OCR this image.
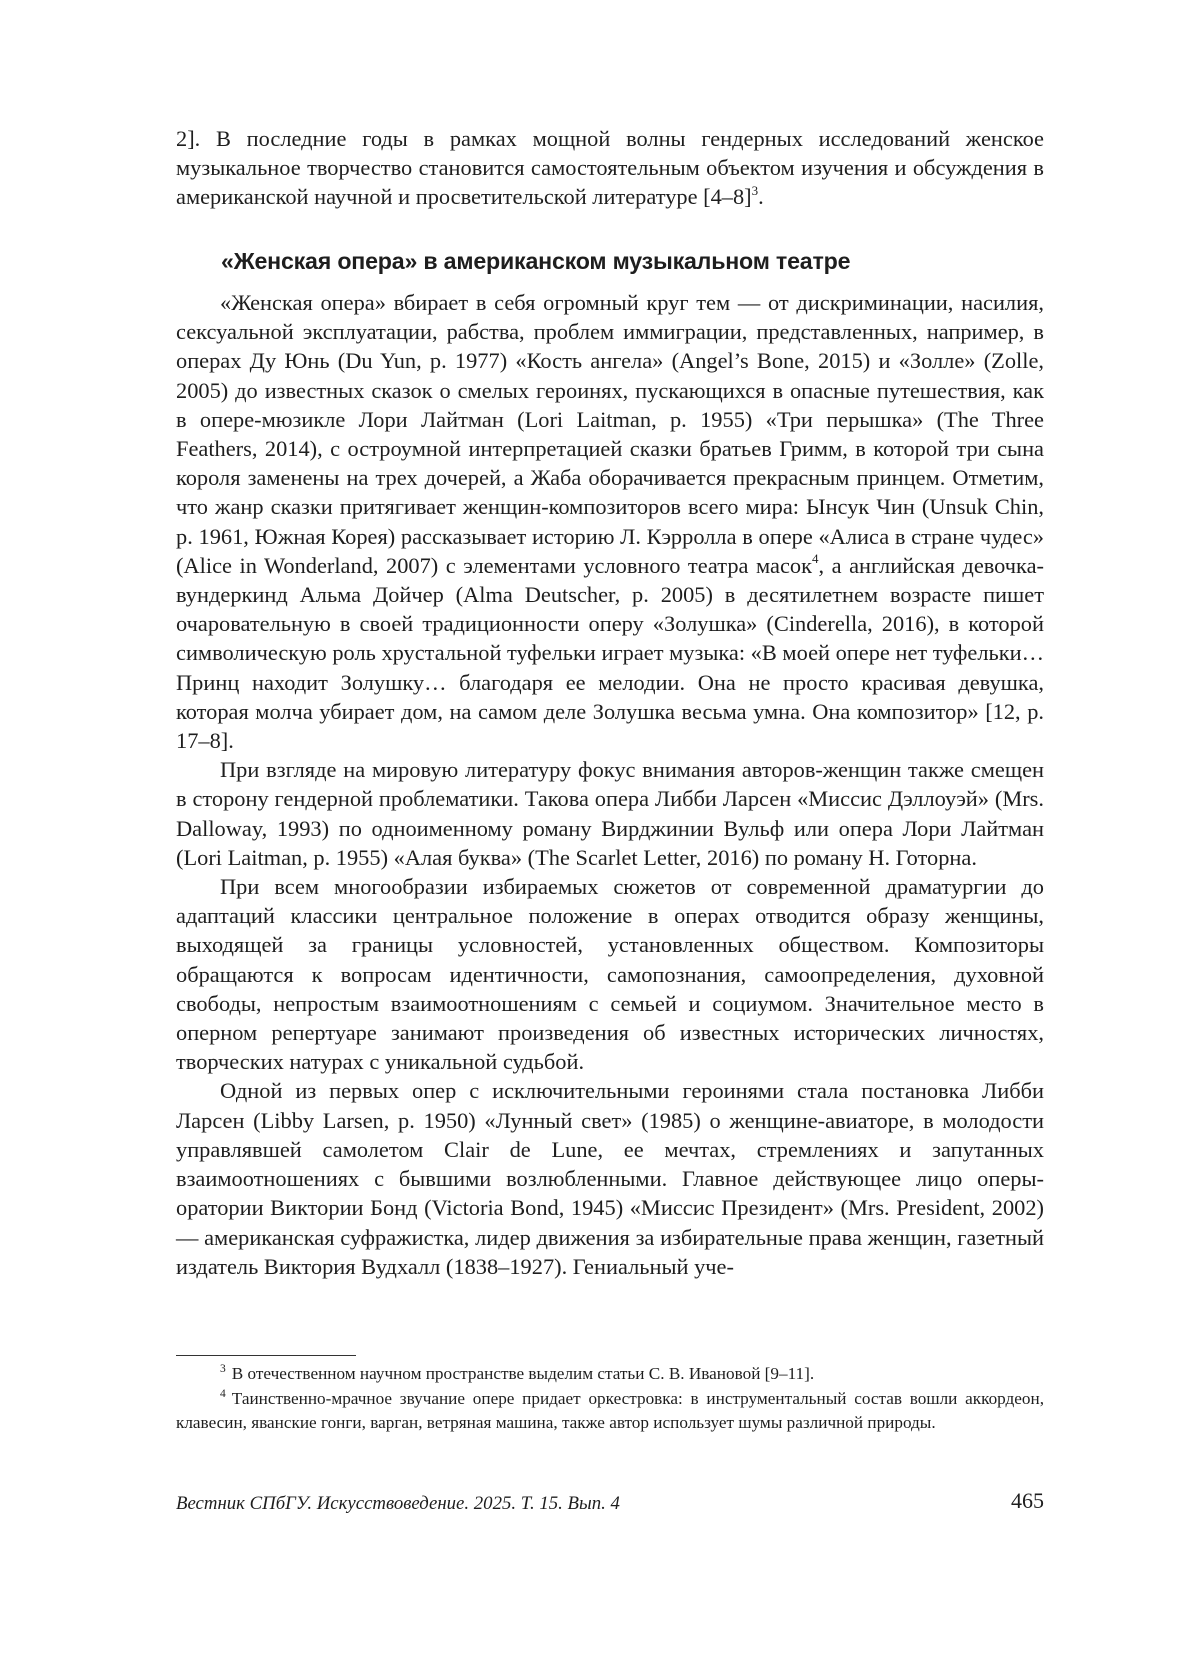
2]. В последние годы в рамках мощной волны гендерных исследований женское музыкальное творчество становится самостоятельным объектом изучения и обсуждения в американской научной и просветительской литературе $[4-8]^3$.

«Женская опера» в американском музыкальном театре

«Женская опера» вбирает в себя огромный круг тем — от дискриминации, насилия, сексуальной эксплуатации, рабства, проблем иммиграции, представленных, например, в операх Ду Юнь (Du Yun, р. 1977) «Кость ангела» (Angel’s Bone, 2015) и «Золле» (Zolle, 2005) до известных сказок о смелых героинях, пускающихся в опасные путешествия, как в опере-мюзикле Лори Лайтман (Lori Laitman, р. 1955) «Три перышка» (The Three Feathers, 2014), с остроумной интерпретацией сказки братьев Гримм, в которой три сына короля заменены на трех дочерей, а Жаба оборачивается прекрасным принцем. Отметим, что жанр сказки притягивает женщин-композиторов всего мира: Ынсук Чин (Unsuk Chin, р. 1961, Южная Корея) рассказывает историю Л. Кэрролла в опере «Алиса в стране чудес» (Alice in Wonderland, 2007) с элементами условного театра масок$^4$, а английская девочка-вундеркинд Альма Дойчер (Alma Deutscher, р. 2005) в десятилетнем возрасте пишет очаровательную в своей традиционности оперу «Золушка» (Cinderella, 2016), в которой символическую роль хрустальной туфельки играет музыка: «В моей опере нет туфельки… Принц находит Золушку… благодаря ее мелодии. Она не просто красивая девушка, которая молча убирает дом, на самом деле Золушка весьма умна. Она композитор» [12, р. 17–8].

При взгляде на мировую литературу фокус внимания авторов-женщин также смещен в сторону гендерной проблематики. Такова опера Либби Ларсен «Миссис Дэллоуэй» (Mrs. Dalloway, 1993) по одноименному роману Вирджинии Вульф или опера Лори Лайтман (Lori Laitman, р. 1955) «Алая буква» (The Scarlet Letter, 2016) по роману Н. Готорна.

При всем многообразии избираемых сюжетов от современной драматургии до адаптаций классики центральное положение в операх отводится образу женщины, выходящей за границы условностей, установленных обществом. Композиторы обращаются к вопросам идентичности, самопознания, самоопределения, духовной свободы, непростым взаимоотношениям с семьей и социумом. Значительное место в оперном репертуаре занимают произведения об известных исторических личностях, творческих натурах с уникальной судьбой.

Одной из первых опер с исключительными героинями стала постановка Либби Ларсен (Libby Larsen, р. 1950) «Лунный свет» (1985) о женщине-авиаторе, в молодости управлявшей самолетом Clair de Lune, ее мечтах, стремлениях и запутанных взаимоотношениях с бывшими возлюбленными. Главное действующее лицо оперы-оратории Виктории Бонд (Victoria Bond, 1945) «Миссис Президент» (Mrs. President, 2002) — американская суфражистка, лидер движения за избирательные права женщин, газетный издатель Виктория Вудхалл (1838–1927). Гениальный уче-

$^3$ В отечественном научном пространстве выделим статьи С. В. Ивановой [9–11].

$^4$ Таинственно-мрачное звучание опере придает оркестровка: в инструментальный состав вошли аккордеон, клавесин, яванские гонги, варган, ветряная машина, также автор использует шумы различной природы.

Вестник СПбГУ. Искусствоведение. 2025. Т. 15. Вып. 4	465
